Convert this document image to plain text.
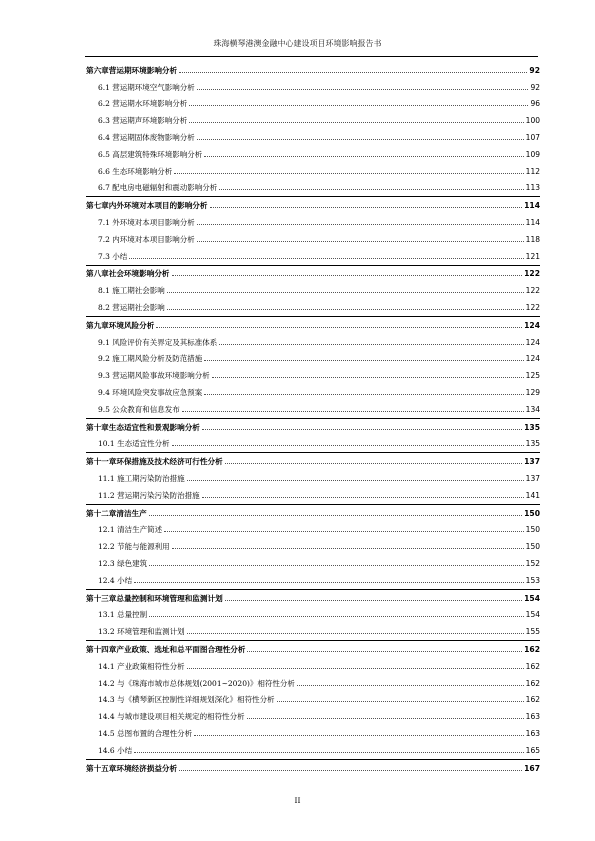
珠海横琴港澳金融中心建设项目环境影响报告书
第六章营运期环境影响分析	92
6.1 营运期环境空气影响分析	92
6.2 营运期水环境影响分析	96
6.3 营运期声环境影响分析	100
6.4 营运期固体废物影响分析	107
6.5 高层建筑特殊环境影响分析	109
6.6 生态环境影响分析	112
6.7 配电房电磁辐射和震动影响分析	113
第七章内外环境对本项目的影响分析	114
7.1 外环境对本项目影响分析	114
7.2 内环境对本项目影响分析	118
7.3 小结	121
第八章社会环境影响分析	122
8.1 施工期社会影响	122
8.2 营运期社会影响	122
第九章环境风险分析	124
9.1 风险评价有关界定及其标准体系	124
9.2 施工期风险分析及防范措施	124
9.3 营运期风险事故环境影响分析	125
9.4 环境风险突发事故应急预案	129
9.5 公众教育和信息发布	134
第十章生态适宜性和景观影响分析	135
10.1 生态适宜性分析	135
第十一章环保措施及技术经济可行性分析	137
11.1 施工期污染防治措施	137
11.2 营运期污染污染防治措施	141
第十二章清洁生产	150
12.1 清洁生产简述	150
12.2 节能与能源利用	150
12.3 绿色建筑	152
12.4 小结	153
第十三章总量控制和环境管理和监测计划	154
13.1 总量控制	154
13.2 环境管理和监测计划	155
第十四章产业政策、选址和总平面图合理性分析	162
14.1 产业政策相符性分析	162
14.2 与《珠海市城市总体规划(2001~2020)》相符性分析	162
14.3 与《横琴新区控制性详细规划深化》相符性分析	162
14.4 与城市建设项目相关规定的相符性分析	163
14.5 总图布置的合理性分析	163
14.6 小结	165
第十五章环境经济损益分析	167
II
